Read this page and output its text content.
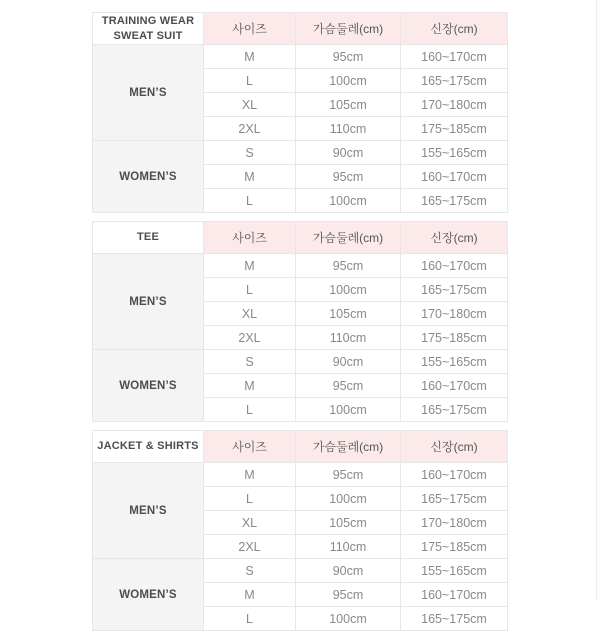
TRAINING WEAR SWEAT SUIT	사이즈	가슴둘레(cm)	신장(cm)
MEN’S	M	95cm	160~170cm
	L	100cm	165~175cm
	XL	105cm	170~180cm
	2XL	110cm	175~185cm
WOMEN’S	S	90cm	155~165cm
	M	95cm	160~170cm
	L	100cm	165~175cm
TEE	사이즈	가슴둘레(cm)	신장(cm)
MEN’S	M	95cm	160~170cm
	L	100cm	165~175cm
	XL	105cm	170~180cm
	2XL	110cm	175~185cm
WOMEN’S	S	90cm	155~165cm
	M	95cm	160~170cm
	L	100cm	165~175cm
JACKET & SHIRTS	사이즈	가슴둘레(cm)	신장(cm)
MEN’S	M	95cm	160~170cm
	L	100cm	165~175cm
	XL	105cm	170~180cm
	2XL	110cm	175~185cm
WOMEN’S	S	90cm	155~165cm
	M	95cm	160~170cm
	L	100cm	165~175cm
